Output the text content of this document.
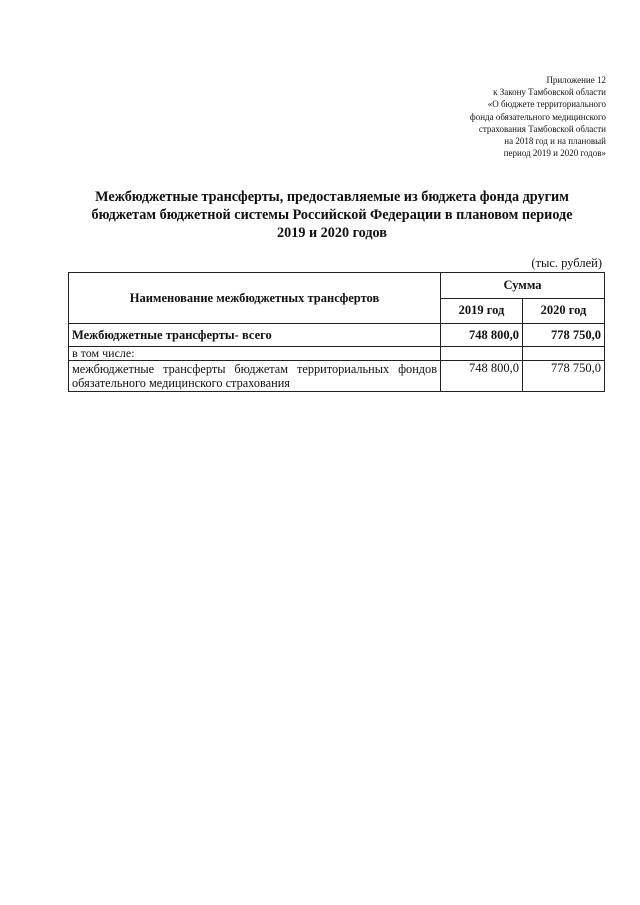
Приложение 12
к Закону Тамбовской области
«О бюджете территориального
фонда обязательного медицинского
страхования Тамбовской области
на 2018 год и на плановый
период 2019 и 2020 годов»
Межбюджетные трансферты, предоставляемые из бюджета фонда другим
бюджетам бюджетной системы Российской Федерации в плановом периоде
2019 и 2020 годов
(тыс. рублей)
Наименование межбюджетных трансфертов	Сумма	
	2019 год	2020 год
Межбюджетные трансферты- всего	748 800,0	778 750,0
в том числе:		
межбюджетные трансферты бюджетам территориальных фондов обязательного медицинского страхования	748 800,0	778 750,0
